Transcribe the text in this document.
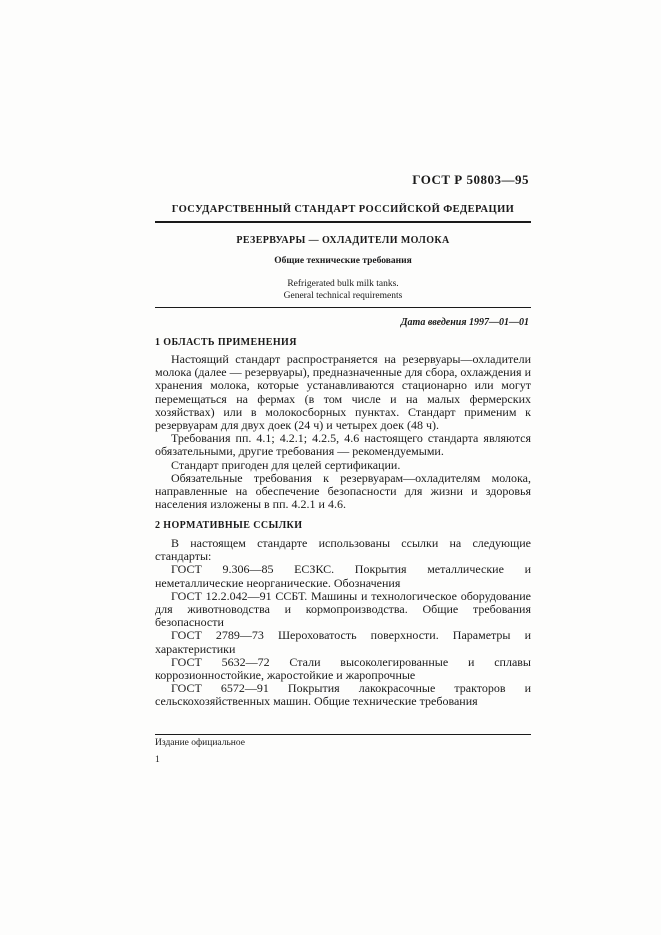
ГОСТ Р 50803—95
ГОСУДАРСТВЕННЫЙ СТАНДАРТ РОССИЙСКОЙ ФЕДЕРАЦИИ
РЕЗЕРВУАРЫ — ОХЛАДИТЕЛИ МОЛОКА
Общие технические требования
Refrigerated bulk milk tanks.
General technical requirements
Дата введения 1997—01—01
1 ОБЛАСТЬ ПРИМЕНЕНИЯ

Настоящий стандарт распространяется на резервуары—охладители молока (далее — резервуары), предназначенные для сбора, охлаждения и хранения молока, которые устанавливаются стационарно или могут перемещаться на фермах (в том числе и на малых фермерских хозяйствах) или в молокосборных пунктах. Стандарт применим к резервуарам для двух доек (24 ч) и четырех доек (48 ч).

Требования пп. 4.1; 4.2.1; 4.2.5, 4.6 настоящего стандарта являются обязательными, другие требования — рекомендуемыми.

Стандарт пригоден для целей сертификации.

Обязательные требования к резервуарам—охладителям молока, направленные на обеспечение безопасности для жизни и здоровья населения изложены в пп. 4.2.1 и 4.6.

2 НОРМАТИВНЫЕ ССЫЛКИ

В настоящем стандарте использованы ссылки на следующие стандарты:

ГОСТ 9.306—85 ЕСЗКС. Покрытия металлические и неметаллические неорганические. Обозначения

ГОСТ 12.2.042—91 ССБТ. Машины и технологическое оборудование для животноводства и кормопроизводства. Общие требования безопасности

ГОСТ 2789—73 Шероховатость поверхности. Параметры и характеристики

ГОСТ 5632—72 Стали высоколегированные и сплавы коррозионностойкие, жаростойкие и жаропрочные

ГОСТ 6572—91 Покрытия лакокрасочные тракторов и сельскохозяйственных машин. Общие технические требования

Издание официальное
1
